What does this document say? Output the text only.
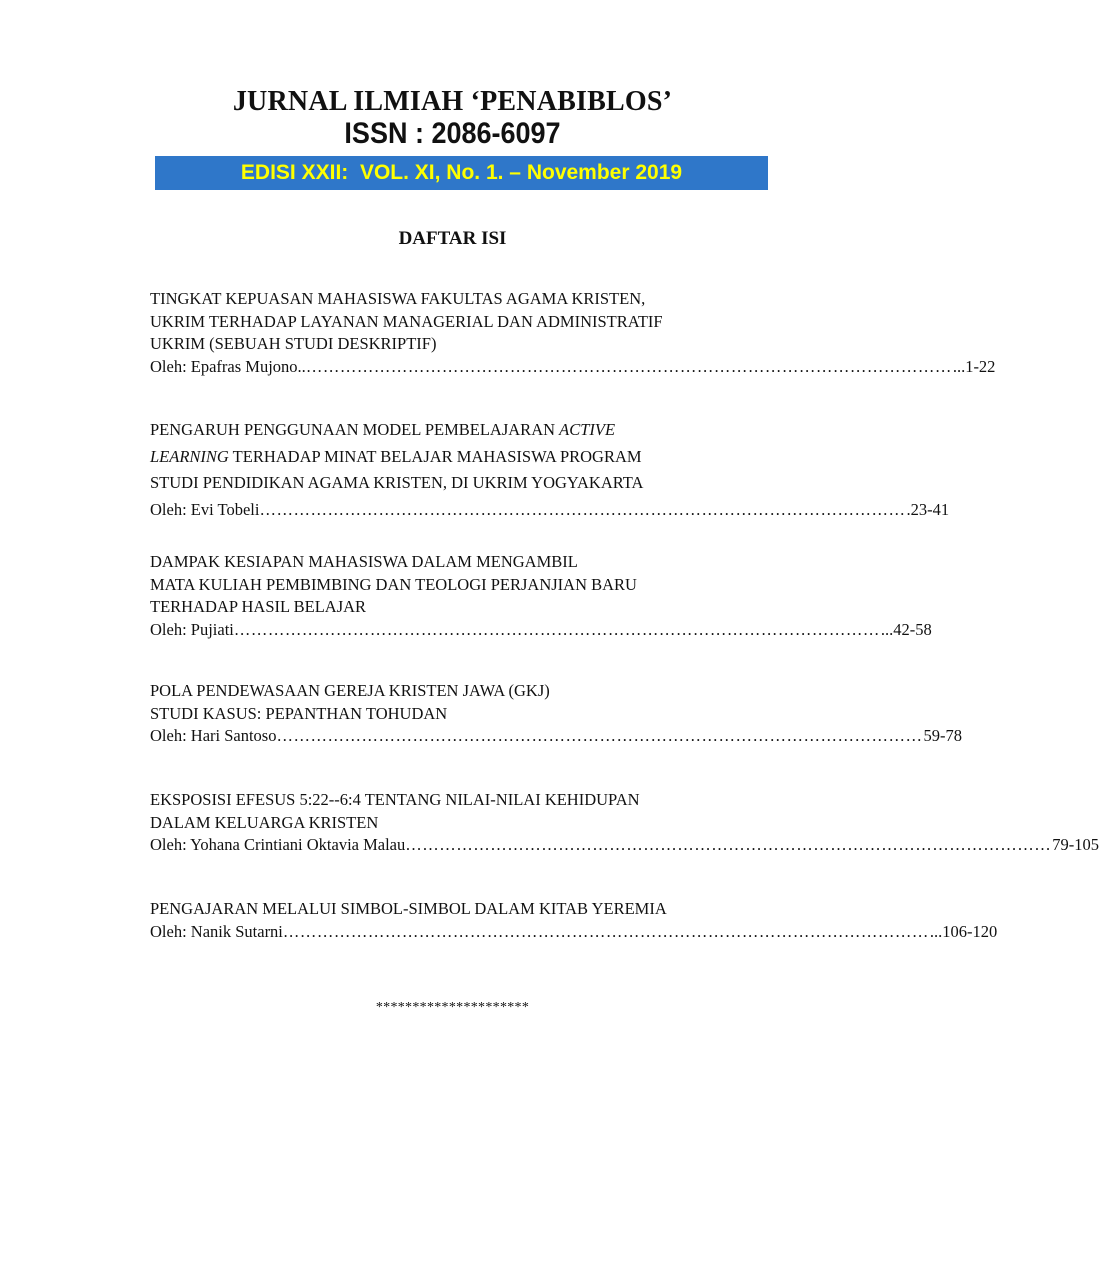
JURNAL ILMIAH ‘PENABIBLOS’
ISSN : 2086-6097
EDISI XXII:  VOL. XI, No. 1. – November 2019
DAFTAR ISI
TINGKAT KEPUASAN MAHASISWA FAKULTAS AGAMA KRISTEN,
UKRIM TERHADAP LAYANAN MANAGERIAL DAN ADMINISTRATIF
UKRIM (SEBUAH STUDI DESKRIPTIF)
Oleh: Epafras Mujono.. …………………………………………………………………………………………………… ...1-22
PENGARUH PENGGUNAAN MODEL PEMBELAJARAN ACTIVE
LEARNING TERHADAP MINAT BELAJAR MAHASISWA PROGRAM
STUDI PENDIDIKAN AGAMA KRISTEN, DI UKRIM YOGYAKARTA
Oleh: Evi Tobeli …………………………………………………………………………………………………… .23-41
DAMPAK KESIAPAN MAHASISWA DALAM MENGAMBIL
MATA KULIAH PEMBIMBING DAN TEOLOGI PERJANJIAN BARU
TERHADAP HASIL BELAJAR
Oleh: Pujiati …………………………………………………………………………………………………… ...42-58
POLA PENDEWASAAN GEREJA KRISTEN JAWA (GKJ)
STUDI KASUS: PEPANTHAN TOHUDAN
Oleh: Hari Santoso …………………………………………………………………………………………………… 59-78
EKSPOSISI EFESUS 5:22--6:4 TENTANG NILAI-NILAI KEHIDUPAN
DALAM KELUARGA KRISTEN
Oleh: Yohana Crintiani Oktavia Malau …………………………………………………………………………………………………… 79-105
PENGAJARAN MELALUI SIMBOL-SIMBOL DALAM KITAB YEREMIA
Oleh: Nanik Sutarni …………………………………………………………………………………………………… ...106-120
*********************
